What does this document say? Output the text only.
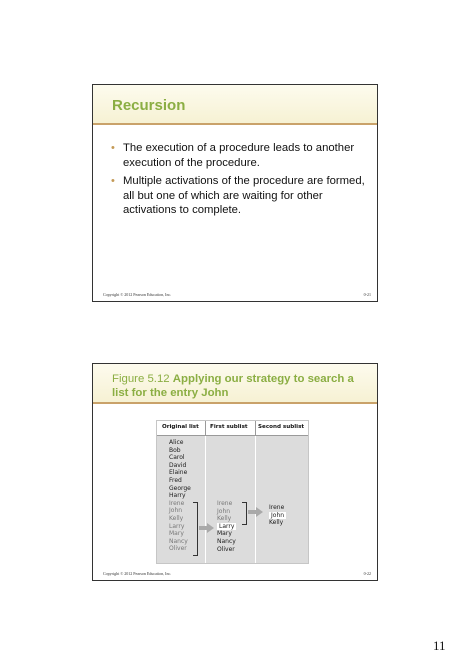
Recursion
• The execution of a procedure leads to another execution of the procedure.
• Multiple activations of the procedure are formed, all but one of which are waiting for other activations to complete.
Copyright © 2012 Pearson Education, Inc.	0-21
Figure 5.12 Applying our strategy to search a list for the entry John
Original list First sublist Second sublist
Alice
Bob
Carol
David
Elaine
Fred
George
Harry
Irene
John
Kelly
Larry
Mary
Nancy
Oliver
Irene
John
Kelly
Larry
Mary
Nancy
Oliver
Irene
John
Kelly
Copyright © 2012 Pearson Education, Inc.	0-22
11
